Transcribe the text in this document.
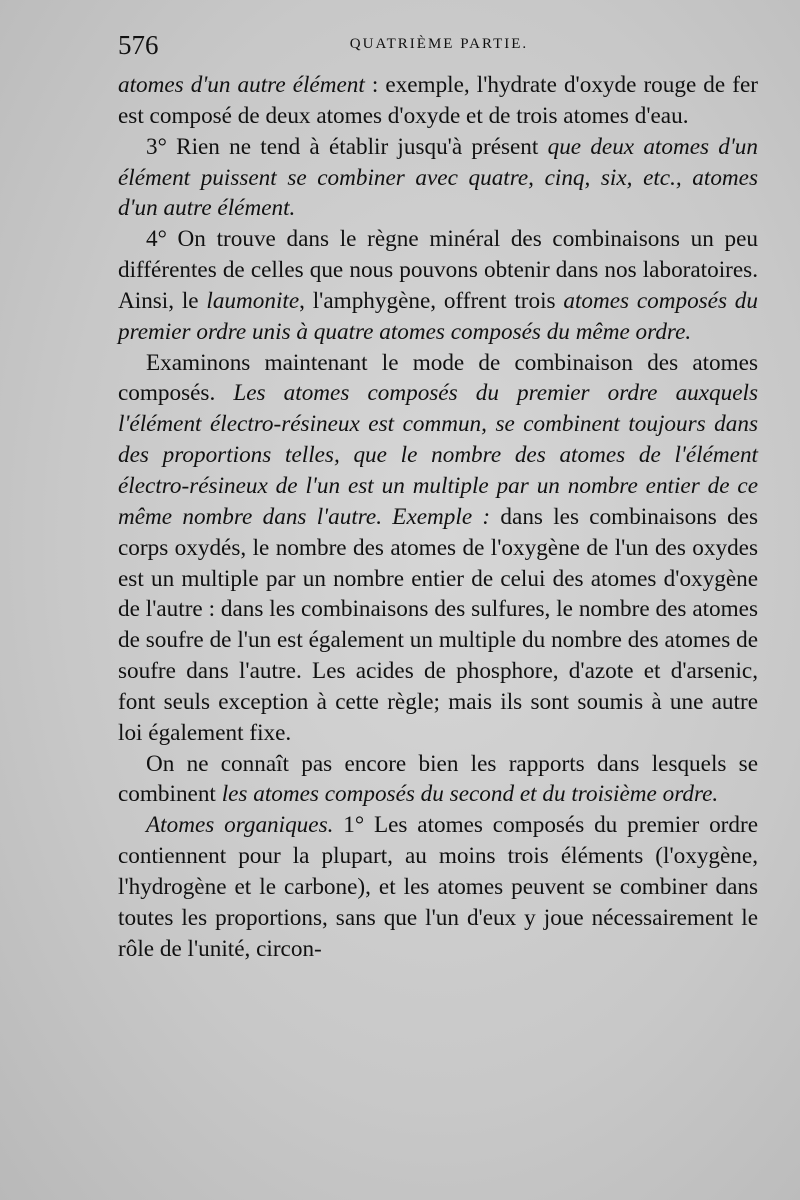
576	QUATRIÈME PARTIE.

atomes d'un autre élément : exemple, l'hydrate d'oxyde rouge de fer est composé de deux atomes d'oxyde et de trois atomes d'eau.

3° Rien ne tend à établir jusqu'à présent que deux atomes d'un élément puissent se combiner avec quatre, cinq, six, etc., atomes d'un autre élément.

4° On trouve dans le règne minéral des combinaisons un peu différentes de celles que nous pouvons obtenir dans nos laboratoires. Ainsi, le laumonite, l'amphygène, offrent trois atomes composés du premier ordre unis à quatre atomes composés du même ordre.

Examinons maintenant le mode de combinaison des atomes composés. Les atomes composés du premier ordre auxquels l'élément électro-résineux est commun, se combinent toujours dans des proportions telles, que le nombre des atomes de l'élément électro-résineux de l'un est un multiple par un nombre entier de ce même nombre dans l'autre. Exemple : dans les combinaisons des corps oxydés, le nombre des atomes de l'oxygène de l'un des oxydes est un multiple par un nombre entier de celui des atomes d'oxygène de l'autre : dans les combinaisons des sulfures, le nombre des atomes de soufre de l'un est également un multiple du nombre des atomes de soufre dans l'autre. Les acides de phosphore, d'azote et d'arsenic, font seuls exception à cette règle; mais ils sont soumis à une autre loi également fixe.

On ne connaît pas encore bien les rapports dans lesquels se combinent les atomes composés du second et du troisième ordre.

Atomes organiques. 1° Les atomes composés du premier ordre contiennent pour la plupart, au moins trois éléments (l'oxygène, l'hydrogène et le carbone), et les atomes peuvent se combiner dans toutes les proportions, sans que l'un d'eux y joue nécessairement le rôle de l'unité, circon-
